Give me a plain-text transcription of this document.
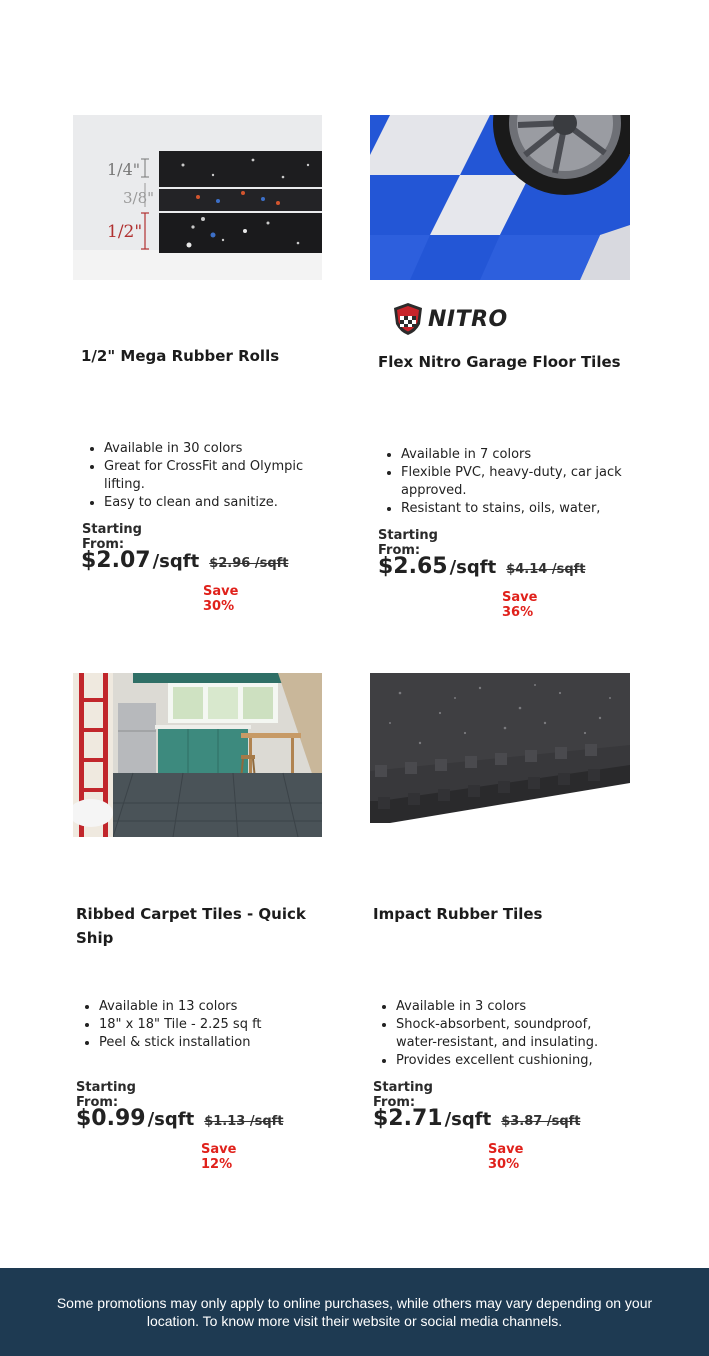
1/4"
3/8"
1/2"
1/2" Mega Rubber Rolls
Available in 30 colors
Great for CrossFit and Olympic lifting.
Easy to clean and sanitize.
Starting From:
$2.07 /sqft $2.96 /sqft
Save 30%
NITRO
Flex Nitro Garage Floor Tiles
Available in 7 colors
Flexible PVC, heavy-duty, car jack approved.
Resistant to stains, oils, water,
Starting From:
$2.65 /sqft $4.14 /sqft
Save 36%
Ribbed Carpet Tiles - Quick Ship
Available in 13 colors
18" x 18" Tile - 2.25 sq ft
Peel & stick installation
Starting From:
$0.99 /sqft $1.13 /sqft
Save 12%
Impact Rubber Tiles
Available in 3 colors
Shock-absorbent, soundproof, water-resistant, and insulating.
Provides excellent cushioning,
Starting From:
$2.71 /sqft $3.87 /sqft
Save 30%
Some promotions may only apply to online purchases, while others may vary depending on your location. To know more visit their website or social media channels.
